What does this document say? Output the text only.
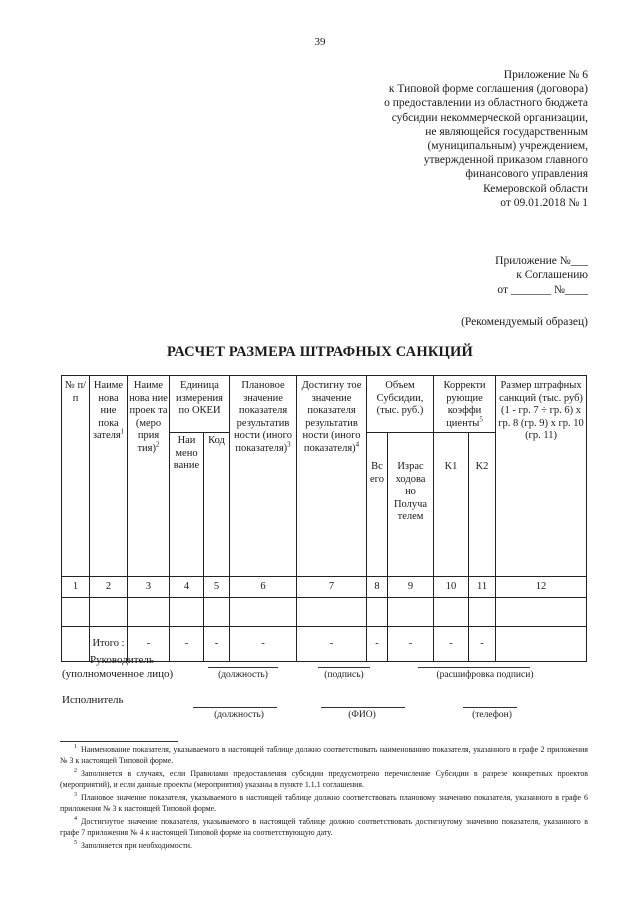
39
Приложение № 6
к Типовой форме соглашения (договора)
о предоставлении из областного бюджета
субсидии некоммерческой организации,
не являющейся государственным
(муниципальным) учреждением,
утвержденной приказом главного
финансового управления
Кемеровской области
от 09.01.2018 № 1
Приложение №___
к Соглашению
от _______ №____
(Рекомендуемый образец)
РАСЧЕТ РАЗМЕРА ШТРАФНЫХ САНКЦИЙ
№ п/п	Наиме нова ние пока зателя$^1$	Наиме нова ние проек та (меро прия тия)$^2$	Единица измерения по ОКЕИ		Плановое значение показателя результатив ности (иного показателя)$^3$	Достигну тое значение показателя результатив ности (иного показателя)$^4$	Объем Субсидии, (тыс. руб.)		Корректи рующие коэффи циенты$^5$		Размер штрафных санкций (тыс. руб) (1 - гр. 7 ÷ гр. 6) x гр. 8 (гр. 9) x гр. 10 (гр. 11)
			Наи мено вание	Код			Вс его	Израс ходова но Получа телем	K1	K2	
1	2	3	4	5	6	7	8	9	10	11	12

	Итого :	-	-	-	-	-	-	-	-	-	
Руководитель
(уполномоченное лицо)	(должность)	(подпись)	(расшифровка подписи)
Исполнитель
(должность)	(ФИО)	(телефон)

$^1$ Наименование показателя, указываемого в настоящей таблице должно соответствовать наименованию показателя, указанного в графе 2 приложения № 3 к настоящей Типовой форме.

$^2$ Заполняется в случаях, если Правилами предоставления субсидии предусмотрено перечисление Субсидии в разрезе конкретных проектов (мероприятий), и если данные проекты (мероприятия) указаны в пункте 1.1.1 соглашения.

$^3$ Плановое значение показателя, указываемого в настоящей таблице должно соответствовать плановому значению показателя, указанного в графе 6 приложения № 3 к настоящей Типовой форме.

$^4$ Достигнутое значение показателя, указываемого в настоящей таблице должно соответствовать достигнутому значению показателя, указанного в графе 7 приложения № 4 к настоящей Типовой форме на соответствующую дату.

$^5$ Заполняется при необходимости.
